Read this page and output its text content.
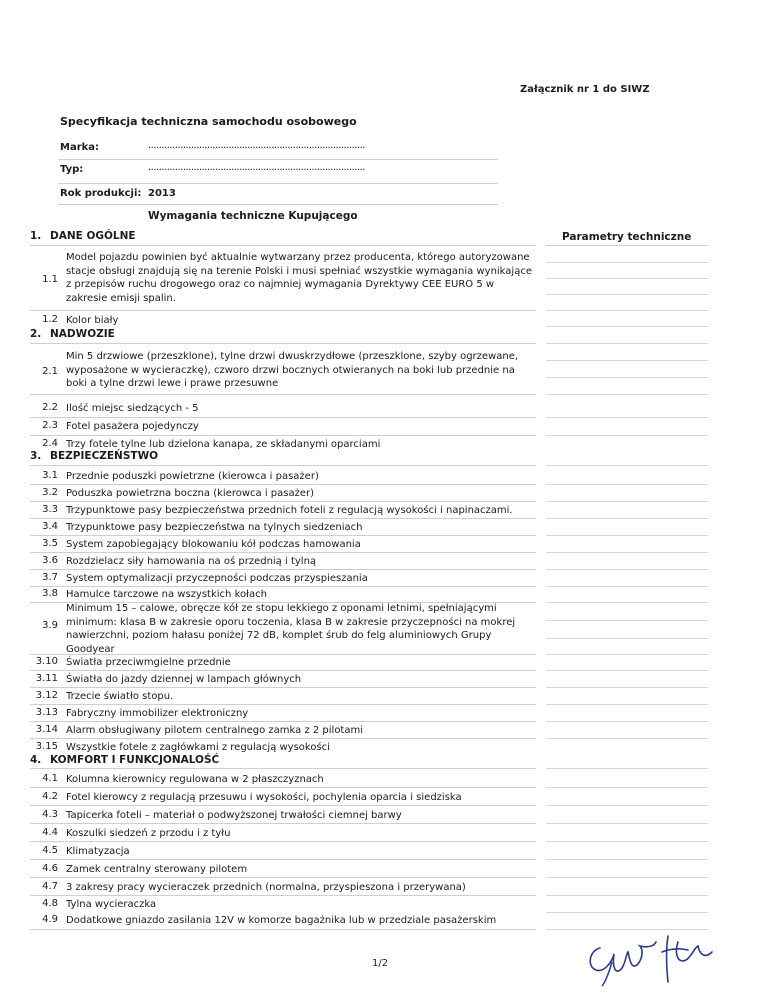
Załącznik nr 1 do SIWZ
Specyfikacja techniczna samochodu osobowego
Marka:	.................................................................................
Typ:	.................................................................................
Rok produkcji: 2013
Wymagania techniczne Kupującego
Parametry techniczne
1. DANE OGÓLNE
1.1
Model pojazdu powinien być aktualnie wytwarzany przez producenta, którego autoryzowane stacje obsługi znajdują się na terenie Polski i musi spełniać wszystkie wymagania wynikające z przepisów ruchu drogowego oraz co najmniej wymagania Dyrektywy CEE EURO 5 w zakresie emisji spalin.
1.2 Kolor biały
2. NADWOZIE
2.1
Min 5 drzwiowe (przeszklone), tylne drzwi dwuskrzydłowe (przeszklone, szyby ogrzewane, wyposażone w wycieraczkę), czworo drzwi bocznych otwieranych na boki lub przednie na boki a tylne drzwi lewe i prawe przesuwne
2.2 Ilość miejsc siedzących - 5
2.3 Fotel pasażera pojedynczy
2.4 Trzy fotele tylne lub dzielona kanapa, ze składanymi oparciami
3. BEZPIECZEŃSTWO
3.1 Przednie poduszki powietrzne (kierowca i pasażer)
3.2 Poduszka powietrzna boczna (kierowca i pasażer)
3.3 Trzypunktowe pasy bezpieczeństwa przednich foteli z regulacją wysokości i napinaczami.
3.4 Trzypunktowe pasy bezpieczeństwa na tylnych siedzeniach
3.5 System zapobiegający blokowaniu kół podczas hamowania
3.6 Rozdzielacz siły hamowania na oś przednią i tylną
3.7 System optymalizacji przyczepności podczas przyspieszania
3.8 Hamulce tarczowe na wszystkich kołach
3.9
Minimum 15 – calowe, obręcze kół ze stopu lekkiego z oponami letnimi, spełniającymi minimum: klasa B w zakresie oporu toczenia, klasa B w zakresie przyczepności na mokrej nawierzchni, poziom hałasu poniżej 72 dB, komplet śrub do felg aluminiowych Grupy Goodyear
3.10 Światła przeciwmgielne przednie
3.11 Światła do jazdy dziennej w lampach głównych
3.12 Trzecie światło stopu.
3.13 Fabryczny immobilizer elektroniczny
3.14 Alarm obsługiwany pilotem centralnego zamka z 2 pilotami
3.15 Wszystkie fotele z zagłówkami z regulacją wysokości
4. KOMFORT I FUNKCJONALOŚĆ
4.1 Kolumna kierownicy regulowana w 2 płaszczyznach
4.2 Fotel kierowcy z regulacją przesuwu i wysokości, pochylenia oparcia i siedziska
4.3 Tapicerka foteli – materiał o podwyższonej trwałości ciemnej barwy
4.4 Koszulki siedzeń z przodu i z tyłu
4.5 Klimatyzacja
4.6 Zamek centralny sterowany pilotem
4.7 3 zakresy pracy wycieraczek przednich (normalna, przyspieszona i przerywana)
4.8 Tylna wycieraczka
4.9 Dodatkowe gniazdo zasilania 12V w komorze bagażnika lub w przedziale pasażerskim
1/2
